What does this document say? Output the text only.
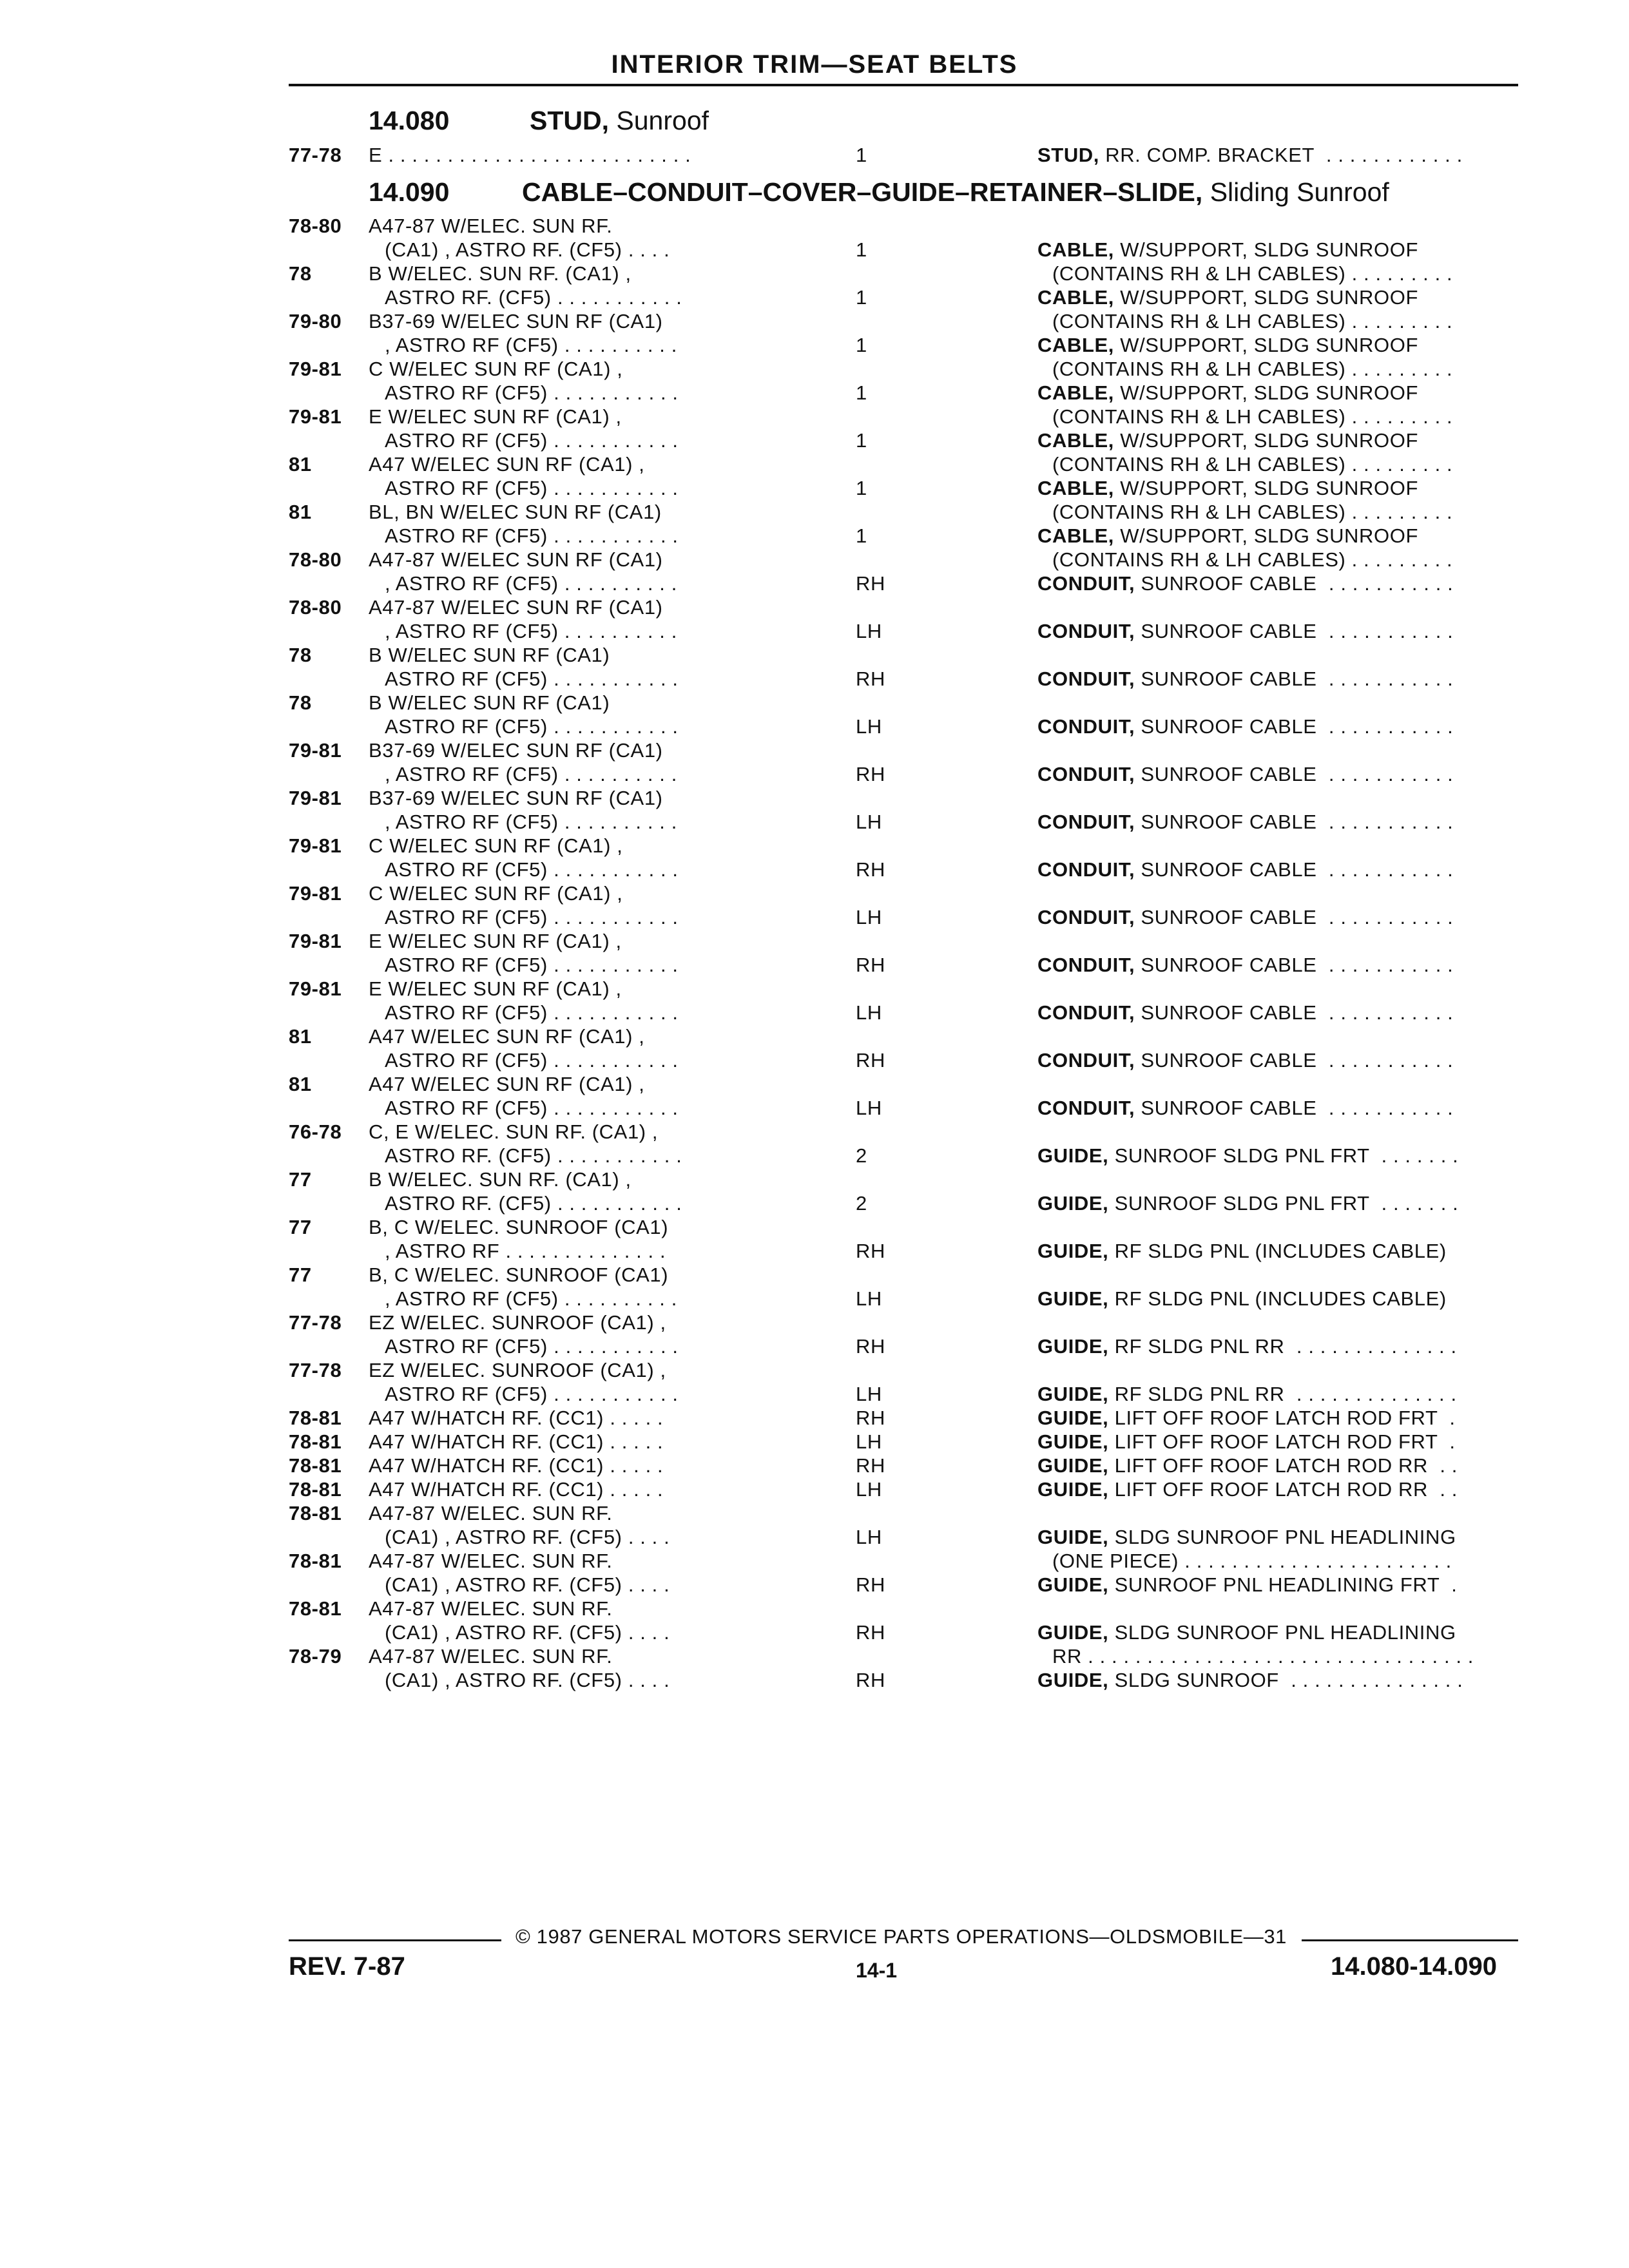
INTERIOR TRIM—SEAT BELTS
14.080	STUD, Sunroof
14.090	CABLE–CONDUIT–COVER–GUIDE–RETAINER–SLIDE, Sliding Sunroof
77-78 E . . . . . . . . . . . . . . . . . . . . . . . . . .	1	STUD, RR. COMP. BRACKET  . . . . . . . . . . . .
78-80 A47-87 W/ELEC. SUN RF.
(CA1) , ASTRO RF. (CF5) . . . .	1	CABLE, W/SUPPORT, SLDG SUNROOF
(CONTAINS RH & LH CABLES) . . . . . . . . .
78	B W/ELEC. SUN RF. (CA1) ,
ASTRO RF. (CF5) . . . . . . . . . . .	1	CABLE, W/SUPPORT, SLDG SUNROOF
(CONTAINS RH & LH CABLES) . . . . . . . . .
79-80 B37-69 W/ELEC SUN RF (CA1)
, ASTRO RF (CF5) . . . . . . . . . .	1	CABLE, W/SUPPORT, SLDG SUNROOF
(CONTAINS RH & LH CABLES) . . . . . . . . .
79-81 C W/ELEC SUN RF (CA1) ,
ASTRO RF (CF5) . . . . . . . . . . .	1	CABLE, W/SUPPORT, SLDG SUNROOF
(CONTAINS RH & LH CABLES) . . . . . . . . .
79-81 E W/ELEC SUN RF (CA1) ,
ASTRO RF (CF5) . . . . . . . . . . .	1	CABLE, W/SUPPORT, SLDG SUNROOF
(CONTAINS RH & LH CABLES) . . . . . . . . .
81	A47 W/ELEC SUN RF (CA1) ,
ASTRO RF (CF5) . . . . . . . . . . .	1	CABLE, W/SUPPORT, SLDG SUNROOF
(CONTAINS RH & LH CABLES) . . . . . . . . .
81	BL, BN W/ELEC SUN RF (CA1)
ASTRO RF (CF5) . . . . . . . . . . .	1	CABLE, W/SUPPORT, SLDG SUNROOF
(CONTAINS RH & LH CABLES) . . . . . . . . .
78-80 A47-87 W/ELEC SUN RF (CA1)
, ASTRO RF (CF5) . . . . . . . . . .	RH	CONDUIT, SUNROOF CABLE  . . . . . . . . . . .
78-80 A47-87 W/ELEC SUN RF (CA1)
, ASTRO RF (CF5) . . . . . . . . . .	LH	CONDUIT, SUNROOF CABLE  . . . . . . . . . . .
78	B W/ELEC SUN RF (CA1)
ASTRO RF (CF5) . . . . . . . . . . .	RH	CONDUIT, SUNROOF CABLE  . . . . . . . . . . .
78	B W/ELEC SUN RF (CA1)
ASTRO RF (CF5) . . . . . . . . . . .	LH	CONDUIT, SUNROOF CABLE  . . . . . . . . . . .
79-81 B37-69 W/ELEC SUN RF (CA1)
, ASTRO RF (CF5) . . . . . . . . . .	RH	CONDUIT, SUNROOF CABLE  . . . . . . . . . . .
79-81 B37-69 W/ELEC SUN RF (CA1)
, ASTRO RF (CF5) . . . . . . . . . .	LH	CONDUIT, SUNROOF CABLE  . . . . . . . . . . .
79-81 C W/ELEC SUN RF (CA1) ,
ASTRO RF (CF5) . . . . . . . . . . .	RH	CONDUIT, SUNROOF CABLE  . . . . . . . . . . .
79-81 C W/ELEC SUN RF (CA1) ,
ASTRO RF (CF5) . . . . . . . . . . .	LH	CONDUIT, SUNROOF CABLE  . . . . . . . . . . .
79-81 E W/ELEC SUN RF (CA1) ,
ASTRO RF (CF5) . . . . . . . . . . .	RH	CONDUIT, SUNROOF CABLE  . . . . . . . . . . .
79-81 E W/ELEC SUN RF (CA1) ,
ASTRO RF (CF5) . . . . . . . . . . .	LH	CONDUIT, SUNROOF CABLE  . . . . . . . . . . .
81	A47 W/ELEC SUN RF (CA1) ,
ASTRO RF (CF5) . . . . . . . . . . .	RH	CONDUIT, SUNROOF CABLE  . . . . . . . . . . .
81	A47 W/ELEC SUN RF (CA1) ,
ASTRO RF (CF5) . . . . . . . . . . .	LH	CONDUIT, SUNROOF CABLE  . . . . . . . . . . .
76-78 C, E W/ELEC. SUN RF. (CA1) ,
ASTRO RF. (CF5) . . . . . . . . . . .	2	GUIDE, SUNROOF SLDG PNL FRT  . . . . . . .
77	B W/ELEC. SUN RF. (CA1) ,
ASTRO RF. (CF5) . . . . . . . . . . .	2	GUIDE, SUNROOF SLDG PNL FRT  . . . . . . .
77	B, C W/ELEC. SUNROOF (CA1)
, ASTRO RF . . . . . . . . . . . . . .	RH	GUIDE, RF SLDG PNL (INCLUDES CABLE)
77	B, C W/ELEC. SUNROOF (CA1)
, ASTRO RF (CF5) . . . . . . . . . .	LH	GUIDE, RF SLDG PNL (INCLUDES CABLE)
77-78 EZ W/ELEC. SUNROOF (CA1) ,
ASTRO RF (CF5) . . . . . . . . . . .	RH	GUIDE, RF SLDG PNL RR  . . . . . . . . . . . . . .
77-78 EZ W/ELEC. SUNROOF (CA1) ,
ASTRO RF (CF5) . . . . . . . . . . .	LH	GUIDE, RF SLDG PNL RR  . . . . . . . . . . . . . .
78-81 A47 W/HATCH RF. (CC1) . . . . .	RH	GUIDE, LIFT OFF ROOF LATCH ROD FRT  .
78-81 A47 W/HATCH RF. (CC1) . . . . .	LH	GUIDE, LIFT OFF ROOF LATCH ROD FRT  .
78-81 A47 W/HATCH RF. (CC1) . . . . .	RH	GUIDE, LIFT OFF ROOF LATCH ROD RR  . .
78-81 A47 W/HATCH RF. (CC1) . . . . .	LH	GUIDE, LIFT OFF ROOF LATCH ROD RR  . .
78-81 A47-87 W/ELEC. SUN RF.
(CA1) , ASTRO RF. (CF5) . . . .	LH	GUIDE, SLDG SUNROOF PNL HEADLINING
(ONE PIECE) . . . . . . . . . . . . . . . . . . . . . . .
78-81 A47-87 W/ELEC. SUN RF.
(CA1) , ASTRO RF. (CF5) . . . .	RH	GUIDE, SUNROOF PNL HEADLINING FRT  .
78-81 A47-87 W/ELEC. SUN RF.
(CA1) , ASTRO RF. (CF5) . . . .	RH	GUIDE, SLDG SUNROOF PNL HEADLINING
RR . . . . . . . . . . . . . . . . . . . . . . . . . . . . . . . . .
78-79 A47-87 W/ELEC. SUN RF.
(CA1) , ASTRO RF. (CF5) . . . .	RH	GUIDE, SLDG SUNROOF  . . . . . . . . . . . . . . .
© 1987 GENERAL MOTORS SERVICE PARTS OPERATIONS—OLDSMOBILE—31
REV. 7-87	14-1	14.080-14.090
